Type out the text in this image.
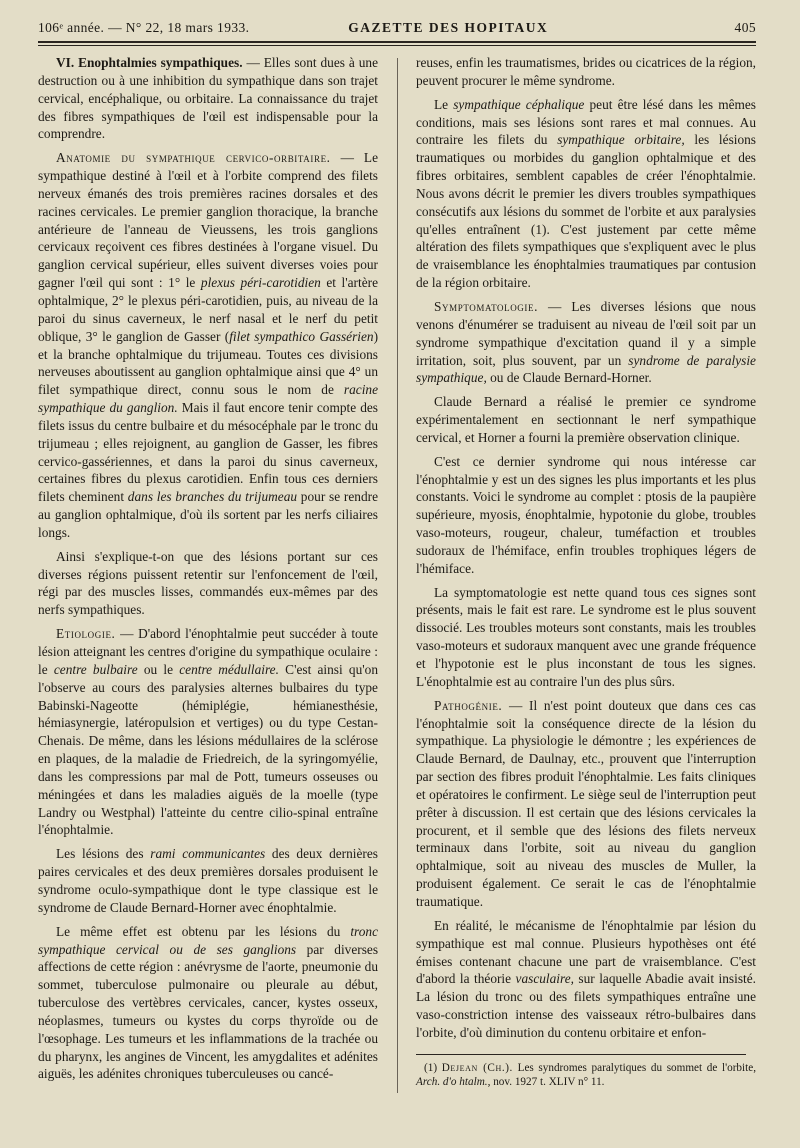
106ᵉ année. — N° 22, 18 mars 1933.	GAZETTE DES HOPITAUX	405

VI. Enophtalmies sympathiques. — Elles sont dues à une destruction ou à une inhibition du sympathique dans son trajet cervical, encéphalique, ou orbitaire. La connaissance du trajet des fibres sympathiques de l'œil est indispensable pour la comprendre.

Anatomie du sympathique cervico-orbitaire. — Le sympathique destiné à l'œil et à l'orbite comprend des filets nerveux émanés des trois premières racines dorsales et des racines cervicales. Le premier ganglion thoracique, la branche antérieure de l'anneau de Vieussens, les trois ganglions cervicaux reçoivent ces fibres destinées à l'organe visuel. Du ganglion cervical supérieur, elles suivent diverses voies pour gagner l'œil qui sont : 1° le plexus péri-carotidien et l'artère ophtalmique, 2° le plexus péri-carotidien, puis, au niveau de la paroi du sinus caverneux, le nerf nasal et le nerf du petit oblique, 3° le ganglion de Gasser (filet sympathico Gassérien) et la branche ophtalmique du trijumeau. Toutes ces divisions nerveuses aboutissent au ganglion ophtalmique ainsi que 4° un filet sympathique direct, connu sous le nom de racine sympathique du ganglion. Mais il faut encore tenir compte des filets issus du centre bulbaire et du mésocéphale par le tronc du trijumeau ; elles rejoignent, au ganglion de Gasser, les fibres cervico-gassériennes, et dans la paroi du sinus caverneux, certaines fibres du plexus carotidien. Enfin tous ces derniers filets cheminent dans les branches du trijumeau pour se rendre au ganglion ophtalmique, d'où ils sortent par les nerfs ciliaires longs.

Ainsi s'explique-t-on que des lésions portant sur ces diverses régions puissent retentir sur l'enfoncement de l'œil, régi par des muscles lisses, commandés eux-mêmes par des nerfs sympathiques.

Etiologie. — D'abord l'énophtalmie peut succéder à toute lésion atteignant les centres d'origine du sympathique oculaire : le centre bulbaire ou le centre médullaire. C'est ainsi qu'on l'observe au cours des paralysies alternes bulbaires du type Babinski-Nageotte (hémiplégie, hémianesthésie, hémiasynergie, latéropulsion et vertiges) ou du type Cestan-Chenais. De même, dans les lésions médullaires de la sclérose en plaques, de la maladie de Friedreich, de la syringomyélie, dans les compressions par mal de Pott, tumeurs osseuses ou méningées et dans les maladies aiguës de la moelle (type Landry ou Westphal) l'atteinte du centre cilio-spinal entraîne l'énophtalmie.

Les lésions des rami communicantes des deux dernières paires cervicales et des deux premières dorsales produisent le syndrome oculo-sympathique dont le type classique est le syndrome de Claude Bernard-Horner avec énophtalmie.

Le même effet est obtenu par les lésions du tronc sympathique cervical ou de ses ganglions par diverses affections de cette région : anévrysme de l'aorte, pneumonie du sommet, tuberculose pulmonaire ou pleurale au début, tuberculose des vertèbres cervicales, cancer, kystes osseux, néoplasmes, tumeurs ou kystes du corps thyroïde ou de l'œsophage. Les tumeurs et les inflammations de la trachée ou du pharynx, les angines de Vincent, les amygdalites et adénites aiguës, les adénites chroniques tuberculeuses ou cancé-

reuses, enfin les traumatismes, brides ou cicatrices de la région, peuvent procurer le même syndrome.

Le sympathique céphalique peut être lésé dans les mêmes conditions, mais ses lésions sont rares et mal connues. Au contraire les filets du sympathique orbitaire, les lésions traumatiques ou morbides du ganglion ophtalmique et des fibres orbitaires, semblent capables de créer l'énophtalmie. Nous avons décrit le premier les divers troubles sympathiques consécutifs aux lésions du sommet de l'orbite et aux paralysies qu'elles entraînent (1). C'est justement par cette même altération des filets sympathiques que s'expliquent avec le plus de vraisemblance les énophtalmies traumatiques par contusion de la région orbitaire.

Symptomatologie. — Les diverses lésions que nous venons d'énumérer se traduisent au niveau de l'œil soit par un syndrome sympathique d'excitation quand il y a simple irritation, soit, plus souvent, par un syndrome de paralysie sympathique, ou de Claude Bernard-Horner.

Claude Bernard a réalisé le premier ce syndrome expérimentalement en sectionnant le nerf sympathique cervical, et Horner a fourni la première observation clinique.

C'est ce dernier syndrome qui nous intéresse car l'énophtalmie y est un des signes les plus importants et les plus constants. Voici le syndrome au complet : ptosis de la paupière supérieure, myosis, énophtalmie, hypotonie du globe, troubles vaso-moteurs, rougeur, chaleur, tuméfaction et troubles sudoraux de l'hémiface, enfin troubles trophiques légers de l'hémiface.

La symptomatologie est nette quand tous ces signes sont présents, mais le fait est rare. Le syndrome est le plus souvent dissocié. Les troubles moteurs sont constants, mais les troubles vaso-moteurs et sudoraux manquent avec une grande fréquence et l'hypotonie est le plus inconstant de tous les signes. L'énophtalmie est au contraire l'un des plus sûrs.

Pathogénie. — Il n'est point douteux que dans ces cas l'énophtalmie soit la conséquence directe de la lésion du sympathique. La physiologie le démontre ; les expériences de Claude Bernard, de Daulnay, etc., prouvent que l'interruption par section des fibres produit l'énophtalmie. Les faits cliniques et opératoires le confirment. Le siège seul de l'interruption peut prêter à discussion. Il est certain que des lésions cervicales la procurent, et il semble que des lésions des filets nerveux terminaux dans l'orbite, soit au niveau du ganglion ophtalmique, soit au niveau des muscles de Muller, la produisent également. Ce serait le cas de l'énophtalmie traumatique.

En réalité, le mécanisme de l'énophtalmie par lésion du sympathique est mal connue. Plusieurs hypothèses ont été émises contenant chacune une part de vraisemblance. C'est d'abord la théorie vasculaire, sur laquelle Abadie avait insisté. La lésion du tronc ou des filets sympathiques entraîne une vaso-constriction intense des vaisseaux rétro-bulbaires dans l'orbite, d'où diminution du contenu orbitaire et enfon-

(1) Dejean (Ch.). Les syndromes paralytiques du sommet de l'orbite, Arch. d'o htalm., nov. 1927 t. XLIV n° 11.
